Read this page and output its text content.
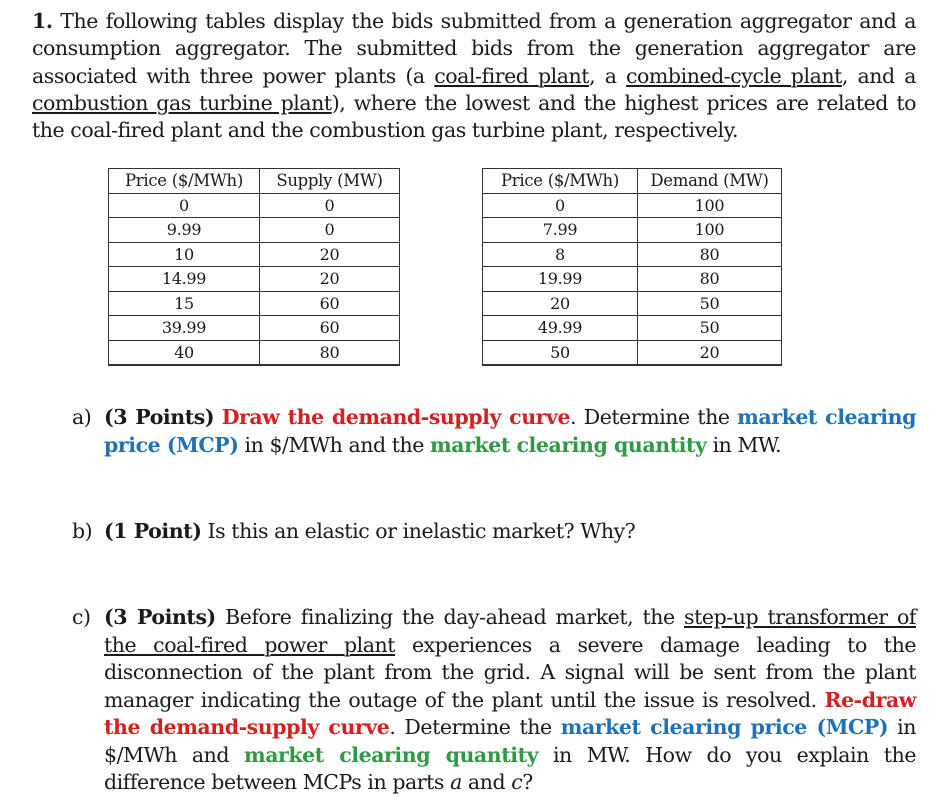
1. The following tables display the bids submitted from a generation aggregator and a consumption aggregator. The submitted bids from the generation aggregator are associated with three power plants (a coal-fired plant, a combined-cycle plant, and a combustion gas turbine plant), where the lowest and the highest prices are related to the coal-fired plant and the combustion gas turbine plant, respectively.
Price ($/MWh)	Supply (MW)
0	0
9.99	0
10	20
14.99	20
15	60
39.99	60
40	80
Price ($/MWh)	Demand (MW)
0	100
7.99	100
8	80
19.99	80
20	50
49.99	50
50	20
a) (3 Points) Draw the demand-supply curve. Determine the market clearing price (MCP) in $/MWh and the market clearing quantity in MW.
b) (1 Point) Is this an elastic or inelastic market? Why?
c) (3 Points) Before finalizing the day-ahead market, the step-up transformer of the coal-fired power plant experiences a severe damage leading to the disconnection of the plant from the grid. A signal will be sent from the plant manager indicating the outage of the plant until the issue is resolved. Re-draw the demand-supply curve. Determine the market clearing price (MCP) in $/MWh and market clearing quantity in MW. How do you explain the difference between MCPs in parts a and c?
